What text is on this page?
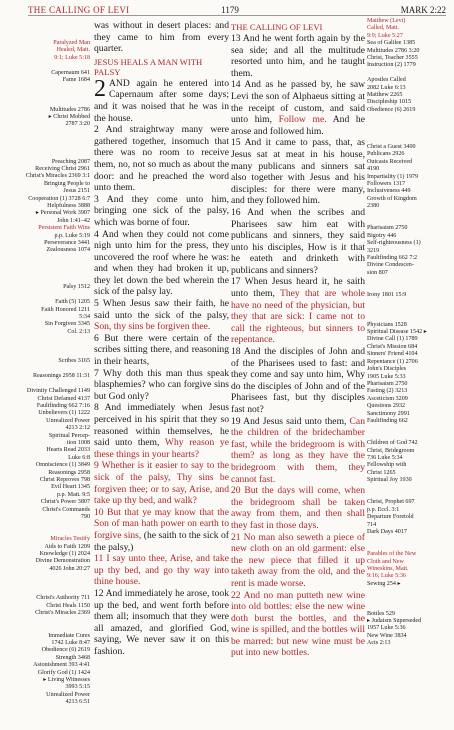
THE CALLING OF LEVI	1179	MARK 2:22
Paralyzed Man
Healed, Matt.
9:1; Luke 5:18

Capernaum 641
Fame 1684

Multitudes 2786
▸ Christ Mobbed
2787 3:20

Preaching 2087
Receiving Christ 2961
Christ's Miracles 2369 3:1
Bringing People to
Jesus 2151
Cooperation (1) 3728 6:7
Helpfulness 3888
▸ Personal Work 3907
John 1:41–42
Persistent Faith Wins
p.p. Luke 5:19
Perseverance 3441
Zealousness 1074

Palsy 1512

Faith (5) 1205
Faith Honored 1211
5:34
Sin Forgiven 3345
Col. 2:13

Scribes 3165

Reasonings 2958 11:31

Divinity Challenged 1149
Christ Defamed 4137
Faultfinding 662 7:16
Unbelievers (1) 1222
Unrealized Power
4213 2:12
Spiritual Percep-
tion 1008
Hearts Read 2033
Luke 6:8
Omniscience (1) 3849
Reasonings 2958
Christ Reproves 798
Evil Heart 1345
p.p. Matt. 9:5
Christ's Power 3807
Christ's Commands
790

Miracles Testify
Aids to Faith 1209
Knowledge (1) 2024
Divine Demonstration
4026 John 20:27

Christ's Authority 711
Christ Heals 1150
Christ's Miracles 2369

Immediate Cures
1742 Luke 8:47
Obedience (6) 2619
Strength 3468
Astonishment 393 4:41
Glorify God (1) 1424
▸ Living Witnesses
3993 5:15
Unrealized Power
4213 6:51
Matthew (Levi)
Called, Matt.
9:9; Luke 5:27
Sea of Galilee 1385
Multitudes 2786 3:20
Christ, Teacher 3555
Instruction (2) 1779

Apostles Called
2082 Luke 6:13
Matthew 2265
Discipleship 1015
Obedience (6) 2619

Christ a Guest 3400
Publicans 2926
Outcasts Received
4190
Impartiality (1) 1979
Followers 1317
Inclusiveness 449
Growth of Kingdom
2380

Pharisaism 2750
Bigotry 446
Self-righteousness (1)
3219
Faultfinding 662 7:2
Divine Condescen-
sion 807

Irony 1801 15:9

Physicians 1528
Spiritual Disease 1542 ▸
Divine Call (1) 1789
Christ's Mission 684
Sinners' Friend 4104
Repentance (1) 2706
John's Disciples
1905 Luke 5:33
Pharisaism 2750
Fasting (2) 3213
Asceticism 3209
Questions 2932
Sanctimony 2991
Faultfinding 662

Children of God 742
Christ, Bridegroom
736 Luke 5:34
Fellowship with
Christ 1265
Spiritual Joy 1930

Christ, Prophet 697
p.p. Eccl. 3:1
Departure Foretold
714
Dark Days 4017

Parables of the New
Cloth and New
Wineskins, Matt.
9:16; Luke 5:36
Sewing 254 ▸

Bottles 529
▸ Judaism Superseded
1957 Luke 5:36
New Wine 3834
Acts 2:13

was without in desert places: and they came to him from every quarter.

JESUS HEALS A MAN WITH PALSY

2 AND again he entered into Capernaum after some days; and it was noised that he was in the house.

2 And straightway many were gathered together, insomuch that there was no room to receive them, no, not so much as about the door: and he preached the word unto them.

3 And they come unto him, bringing one sick of the palsy, which was borne of four.

4 And when they could not come nigh unto him for the press, they uncovered the roof where he was: and when they had broken it up, they let down the bed wherein the sick of the palsy lay.

5 When Jesus saw their faith, he said unto the sick of the palsy, Son, thy sins be forgiven thee.

6 But there were certain of the scribes sitting there, and reasoning in their hearts,

7 Why doth this man thus speak blasphemies? who can forgive sins but God only?

8 And immediately when Jesus perceived in his spirit that they so reasoned within themselves, he said unto them, Why reason ye these things in your hearts?

9 Whether is it easier to say to the sick of the palsy, Thy sins be forgiven thee; or to say, Arise, and take up thy bed, and walk?

10 But that ye may know that the Son of man hath power on earth to forgive sins, (he saith to the sick of the palsy,)

11 I say unto thee, Arise, and take up thy bed, and go thy way into thine house.

12 And immediately he arose, took up the bed, and went forth before them all; insomuch that they were all amazed, and glorified God, saying, We never saw it on this fashion.

THE CALLING OF LEVI

13 And he went forth again by the sea side; and all the multitude resorted unto him, and he taught them.

14 And as he passed by, he saw Levi the son of Alphaeus sitting at the receipt of custom, and said unto him, Follow me. And he arose and followed him.

15 And it came to pass, that, as Jesus sat at meat in his house, many publicans and sinners sat also together with Jesus and his disciples: for there were many, and they followed him.

16 And when the scribes and Pharisees saw him eat with publicans and sinners, they said unto his disciples, How is it that he eateth and drinketh with publicans and sinners?

17 When Jesus heard it, he saith unto them, They that are whole have no need of the physician, but they that are sick: I came not to call the righteous, but sinners to repentance.

18 And the disciples of John and of the Pharisees used to fast: and they come and say unto him, Why do the disciples of John and of the Pharisees fast, but thy disciples fast not?

19 And Jesus said unto them, Can the children of the bridechamber fast, while the bridegroom is with them? as long as they have the bridegroom with them, they cannot fast.

20 But the days will come, when the bridegroom shall be taken away from them, and then shall they fast in those days.

21 No man also seweth a piece of new cloth on an old garment: else the new piece that filled it up taketh away from the old, and the rent is made worse.

22 And no man putteth new wine into old bottles: else the new wine doth burst the bottles, and the wine is spilled, and the bottles will be marred: but new wine must be put into new bottles.
